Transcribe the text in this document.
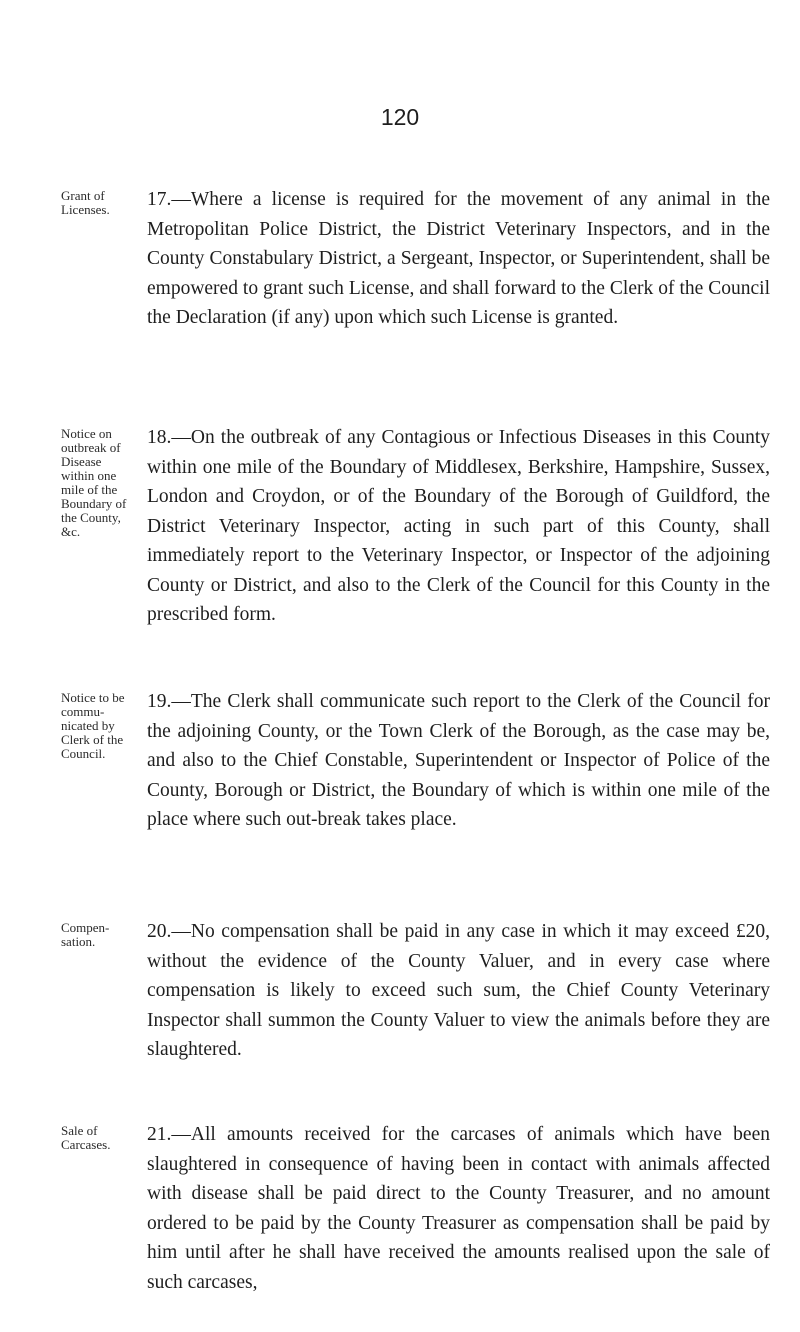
120
Grant of Licenses.	17.—Where a license is required for the movement of any animal in the Metropolitan Police District, the District Veterinary Inspectors, and in the County Constabulary District, a Sergeant, Inspector, or Superintendent, shall be empowered to grant such License, and shall forward to the Clerk of the Council the Declaration (if any) upon which such License is granted.

Notice on outbreak of Disease within one mile of the Boundary of the County, &c.

18.—On the outbreak of any Contagious or Infectious Diseases in this County within one mile of the Boundary of Middlesex, Berkshire, Hampshire, Sussex, London and Croydon, or of the Boundary of the Borough of Guildford, the District Veterinary Inspector, acting in such part of this County, shall immediately report to the Veterinary Inspector, or Inspector of the adjoining County or District, and also to the Clerk of the Council for this County in the prescribed form.

Notice to be commu-nicated by Clerk of the Council.

19.—The Clerk shall communicate such report to the Clerk of the Council for the adjoining County, or the Town Clerk of the Borough, as the case may be, and also to the Chief Constable, Superintendent or Inspector of Police of the County, Borough or District, the Boundary of which is within one mile of the place where such out-break takes place.

Compen-sation.	20.—No compensation shall be paid in any case in which it may exceed £20, without the evidence of the County Valuer, and in every case where compensation is likely to exceed such sum, the Chief County Veterinary Inspector shall summon the County Valuer to view the animals before they are slaughtered.

Sale of Carcases.	21.—All amounts received for the carcases of animals which have been slaughtered in consequence of having been in contact with animals affected with disease shall be paid direct to the County Treasurer, and no amount ordered to be paid by the County Treasurer as compensation shall be paid by him until after he shall have received the amounts realised upon the sale of such carcases,
